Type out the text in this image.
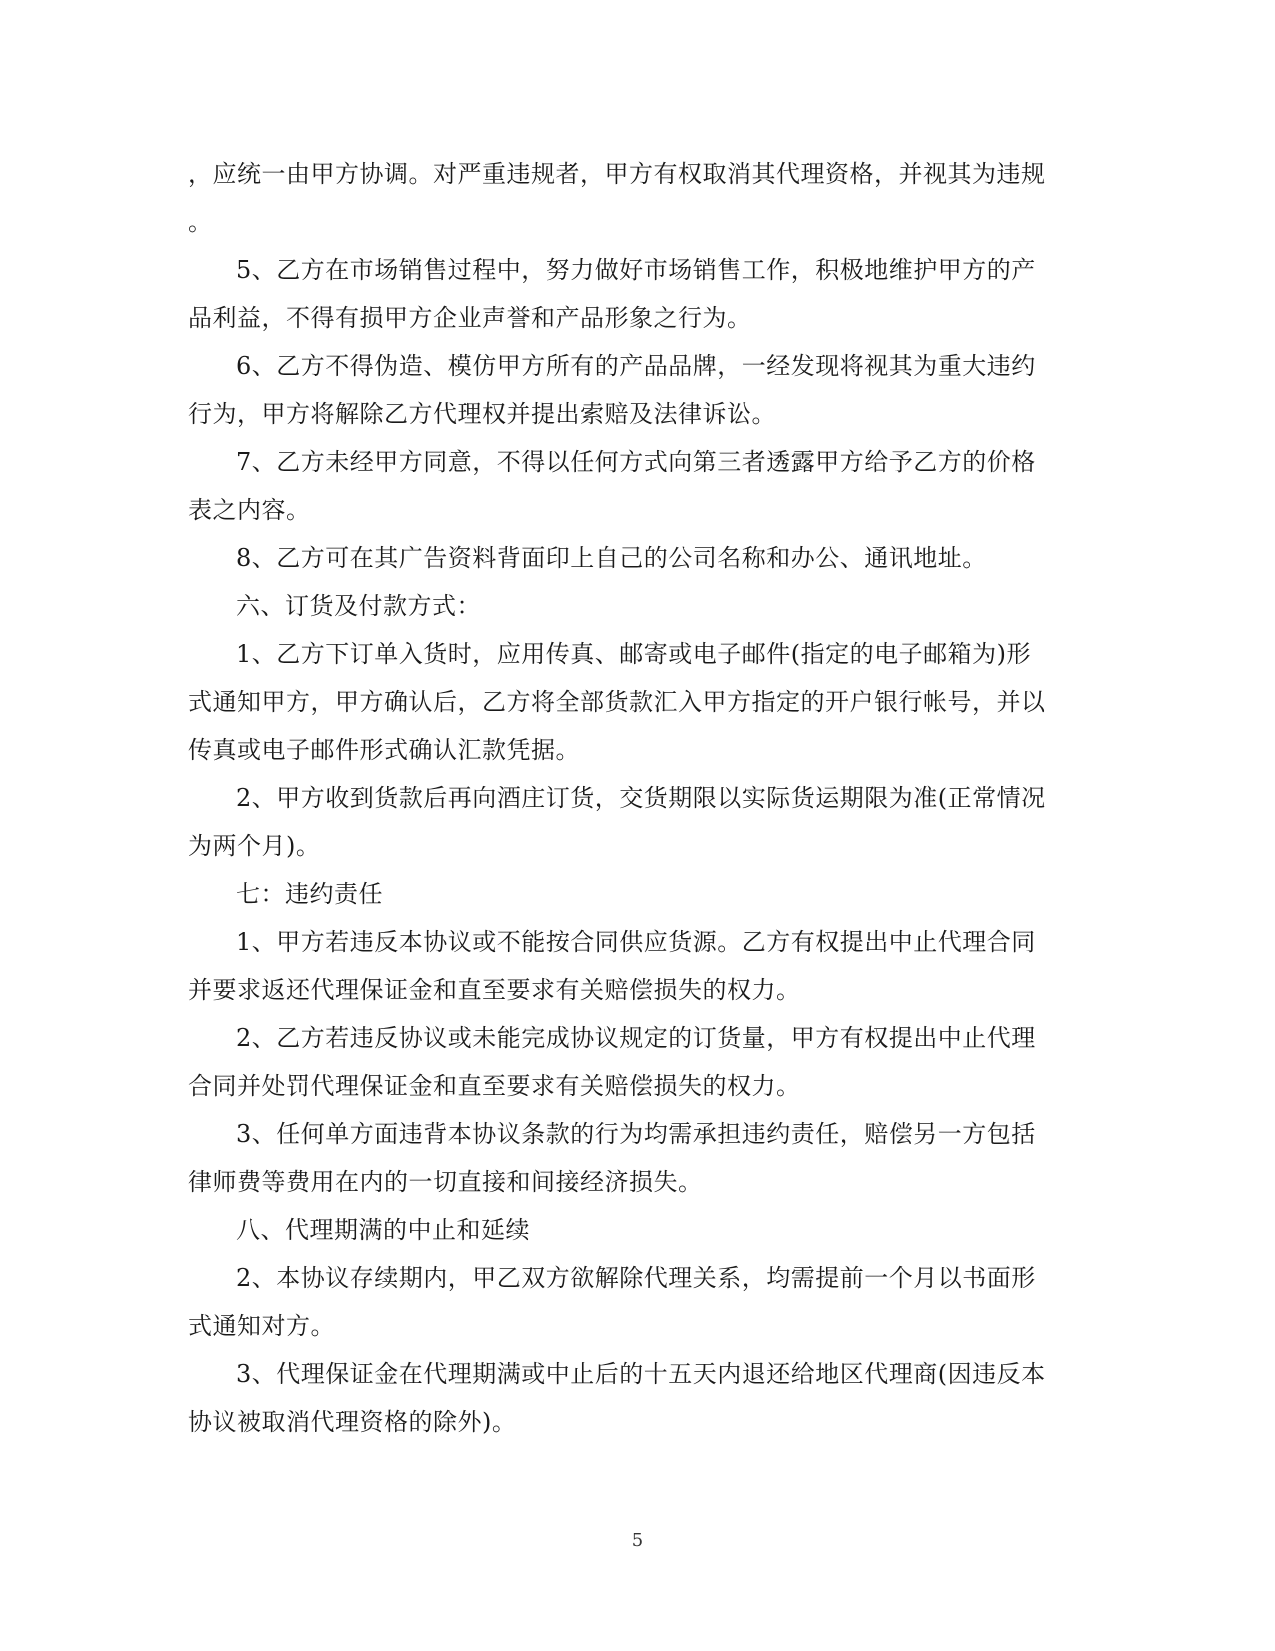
，应统一由甲方协调。对严重违规者，甲方有权取消其代理资格，并视其为违规
。
5、乙方在市场销售过程中，努力做好市场销售工作，积极地维护甲方的产
品利益，不得有损甲方企业声誉和产品形象之行为。
6、乙方不得伪造、模仿甲方所有的产品品牌，一经发现将视其为重大违约
行为，甲方将解除乙方代理权并提出索赔及法律诉讼。
7、乙方未经甲方同意，不得以任何方式向第三者透露甲方给予乙方的价格
表之内容。
8、乙方可在其广告资料背面印上自己的公司名称和办公、通讯地址。
六、订货及付款方式：
1、乙方下订单入货时，应用传真、邮寄或电子邮件(指定的电子邮箱为)形
式通知甲方，甲方确认后，乙方将全部货款汇入甲方指定的开户银行帐号，并以
传真或电子邮件形式确认汇款凭据。
2、甲方收到货款后再向酒庄订货，交货期限以实际货运期限为准(正常情况
为两个月)。
七：违约责任
1、甲方若违反本协议或不能按合同供应货源。乙方有权提出中止代理合同
并要求返还代理保证金和直至要求有关赔偿损失的权力。
2、乙方若违反协议或未能完成协议规定的订货量，甲方有权提出中止代理
合同并处罚代理保证金和直至要求有关赔偿损失的权力。
3、任何单方面违背本协议条款的行为均需承担违约责任，赔偿另一方包括
律师费等费用在内的一切直接和间接经济损失。
八、代理期满的中止和延续
2、本协议存续期内，甲乙双方欲解除代理关系，均需提前一个月以书面形
式通知对方。
3、代理保证金在代理期满或中止后的十五天内退还给地区代理商(因违反本
协议被取消代理资格的除外)。
5
